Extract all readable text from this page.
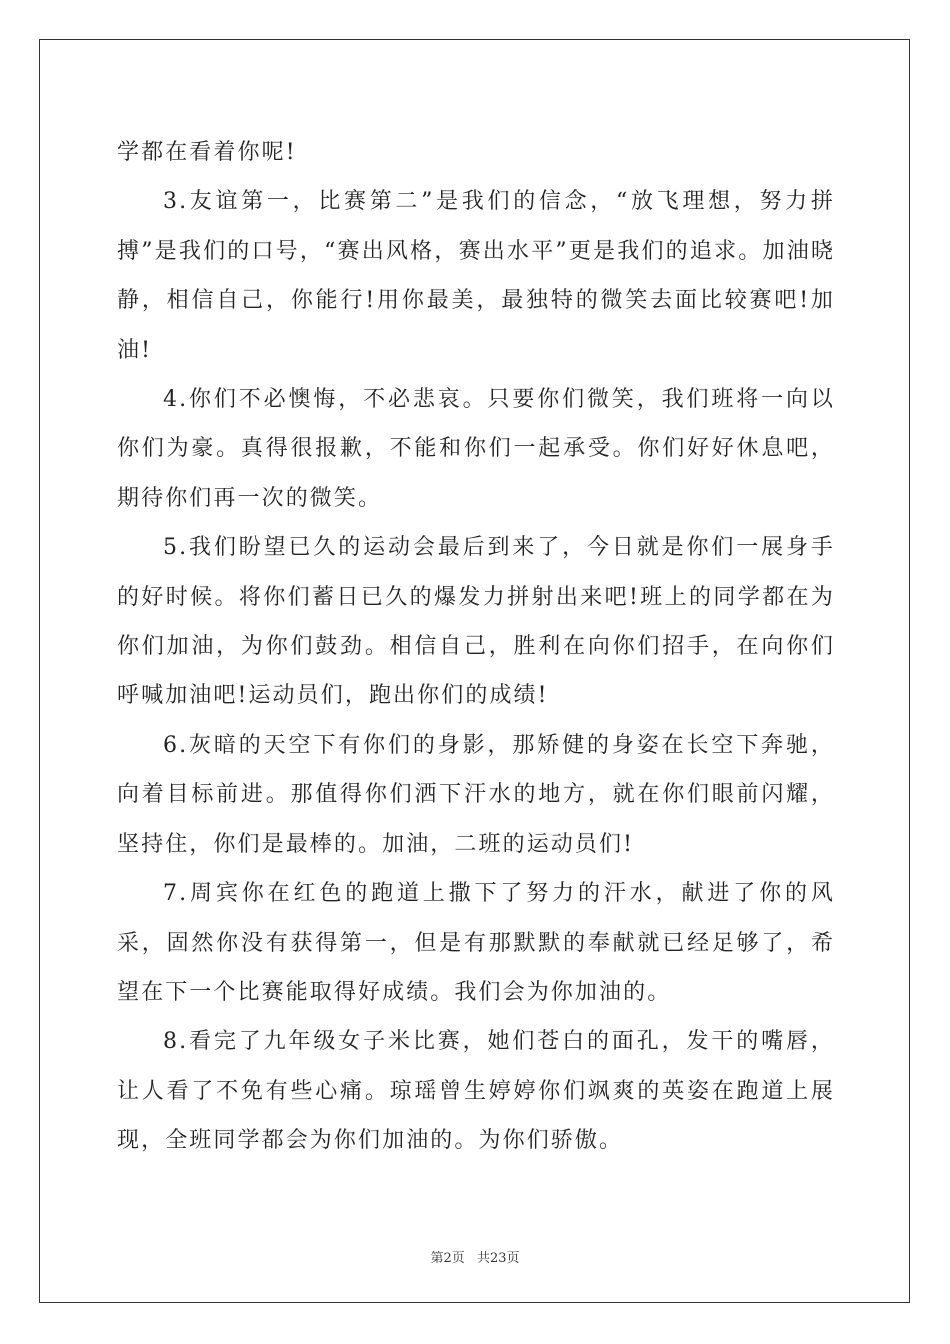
学都在看着你呢!

3.友谊第一，比赛第二”是我们的信念，“放飞理想，努力拼搏”是我们的口号，“赛出风格，赛出水平”更是我们的追求。加油晓静，相信自己，你能行!用你最美，最独特的微笑去面比较赛吧!加油!

4.你们不必懊悔，不必悲哀。只要你们微笑，我们班将一向以你们为豪。真得很报歉，不能和你们一起承受。你们好好休息吧，期待你们再一次的微笑。

5.我们盼望已久的运动会最后到来了，今日就是你们一展身手的好时候。将你们蓄日已久的爆发力拼射出来吧!班上的同学都在为你们加油，为你们鼓劲。相信自己，胜利在向你们招手，在向你们呼喊加油吧!运动员们，跑出你们的成绩!

6.灰暗的天空下有你们的身影，那矫健的身姿在长空下奔驰，向着目标前进。那值得你们洒下汗水的地方，就在你们眼前闪耀，坚持住，你们是最棒的。加油，二班的运动员们!

7.周宾你在红色的跑道上撒下了努力的汗水，献进了你的风采，固然你没有获得第一，但是有那默默的奉献就已经足够了，希望在下一个比赛能取得好成绩。我们会为你加油的。

8.看完了九年级女子米比赛，她们苍白的面孔，发干的嘴唇，让人看了不免有些心痛。琼瑶曾生婷婷你们飒爽的英姿在跑道上展现，全班同学都会为你们加油的。为你们骄傲。

第2页 共23页
